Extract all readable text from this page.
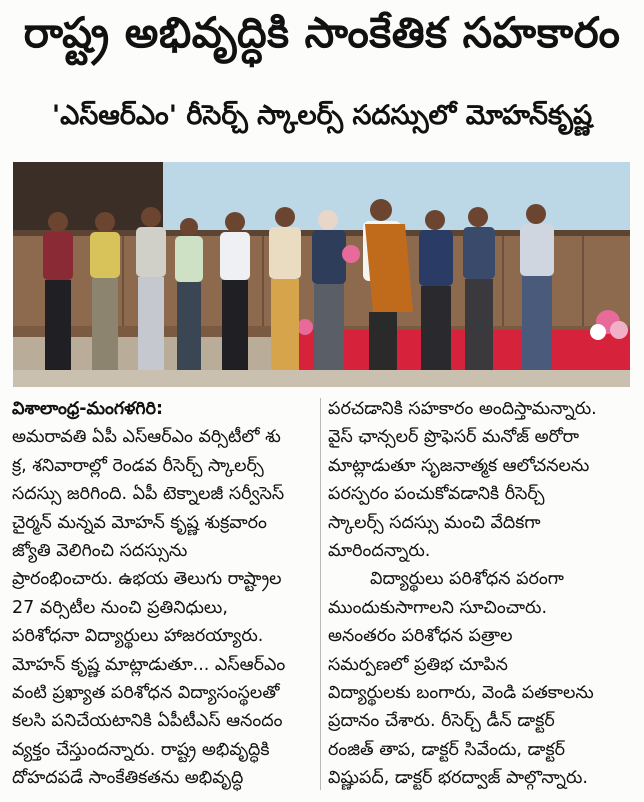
రాష్ట్ర అభివృద్ధికి సాంకేతిక సహకారం
'ఎస్ఆర్ఎం' రీసెర్చ్ స్కాలర్స్ సదస్సులో మోహన్‌కృష్ణ

విశాలాంధ్ర-మంగళగిరి:

అమరావతి ఏపీ ఎస్ఆర్ఎం వర్సిటీలో శు

క్ర, శనివారాల్లో రెండవ రీసెర్చ్ స్కాలర్స్

సదస్సు జరిగింది. ఏపీ టెక్నాలజీ సర్వీసెస్

చైర్మన్ మన్నవ మోహన్ కృష్ణ శుక్రవారం

జ్యోతి వెలిగించి సదస్సును

ప్రారంభించారు. ఉభయ తెలుగు రాష్ట్రాల

27 వర్సిటీల నుంచి ప్రతినిధులు,

పరిశోధనా విద్యార్థులు హాజరయ్యారు.

మోహన్ కృష్ణ మాట్లాడుతూ... ఎస్ఆర్ఎం

వంటి ప్రఖ్యాత పరిశోధన విద్యాసంస్థలతో

కలసి పనిచేయటానికి ఏపీటీఎస్ ఆనందం

వ్యక్తం చేస్తుందన్నారు. రాష్ట్ర అభివృద్ధికి

దోహదపడే సాంకేతికతను అభివృద్ధి

పరచడానికి సహకారం అందిస్తామన్నారు.

వైస్ ఛాన్సలర్ ప్రొఫెసర్ మనోజ్ అరోరా

మాట్లాడుతూ సృజనాత్మక ఆలోచనలను

పరస్పరం పంచుకోవడానికి రీసెర్చ్

స్కాలర్స్ సదస్సు మంచి వేదికగా

మారిందన్నారు.

విద్యార్థులు పరిశోధన పరంగా

ముందుకుసాగాలని సూచించారు.

అనంతరం పరిశోధన పత్రాల

సమర్పణలో ప్రతిభ చూపిన

విద్యార్థులకు బంగారు, వెండి పతకాలను

ప్రదానం చేశారు. రీసెర్చ్ డీన్ డాక్టర్

రంజిత్ తాప, డాక్టర్ సివేందు, డాక్టర్

విష్ణుపద్, డాక్టర్ భరద్వాజ్ పాల్గొన్నారు.
